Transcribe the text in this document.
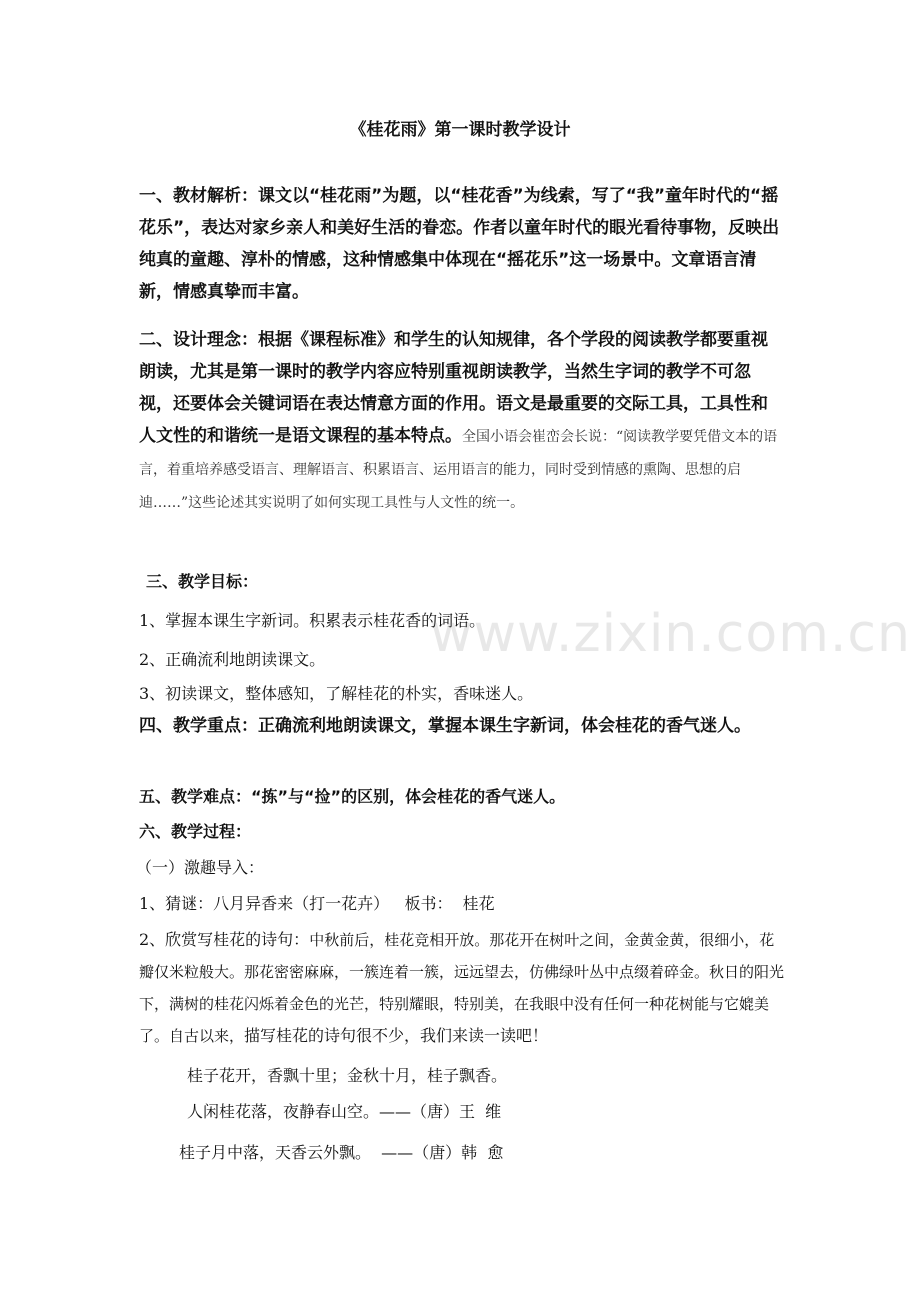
《桂花雨》第一课时教学设计

一、教材解析：课文以“桂花雨”为题，以“桂花香”为线索，写了“我”童年时代的“摇花乐”，表达对家乡亲人和美好生活的眷恋。作者以童年时代的眼光看待事物，反映出纯真的童趣、淳朴的情感，这种情感集中体现在“摇花乐”这一场景中。文章语言清新，情感真挚而丰富。

二、设计理念：根据《课程标准》和学生的认知规律，各个学段的阅读教学都要重视朗读，尤其是第一课时的教学内容应特别重视朗读教学，当然生字词的教学不可忽视，还要体会关键词语在表达情意方面的作用。语文是最重要的交际工具，工具性和人文性的和谐统一是语文课程的基本特点。全国小语会崔峦会长说：“阅读教学要凭借文本的语言，着重培养感受语言、理解语言、积累语言、运用语言的能力，同时受到情感的熏陶、思想的启迪……”这些论述其实说明了如何实现工具性与人文性的统一。

三、教学目标：
1、掌握本课生字新词。积累表示桂花香的词语。
2、正确流利地朗读课文。
3、初读课文，整体感知，了解桂花的朴实，香味迷人。

四、教学重点：正确流利地朗读课文，掌握本课生字新词，体会桂花的香气迷人。

五、教学难点：“拣”与“捡”的区别，体会桂花的香气迷人。
六、教学过程：
（一）激趣导入：
1、猜谜：八月异香来（打一花卉）   板书：  桂花

2、欣赏写桂花的诗句：中秋前后，桂花竞相开放。那花开在树叶之间，金黄金黄，很细小，花瓣仅米粒般大。那花密密麻麻，一簇连着一簇，远远望去，仿佛绿叶丛中点缀着碎金。秋日的阳光下，满树的桂花闪烁着金色的光芒，特别耀眼，特别美，在我眼中没有任何一种花树能与它媲美了。自古以来，描写桂花的诗句很不少，我们来读一读吧！

桂子花开，香飘十里；金秋十月，桂子飘香。
人闲桂花落，夜静春山空。——（唐）王  维
桂子月中落，天香云外飘。  ——（唐）韩  愈
www.zixin.com.cn
